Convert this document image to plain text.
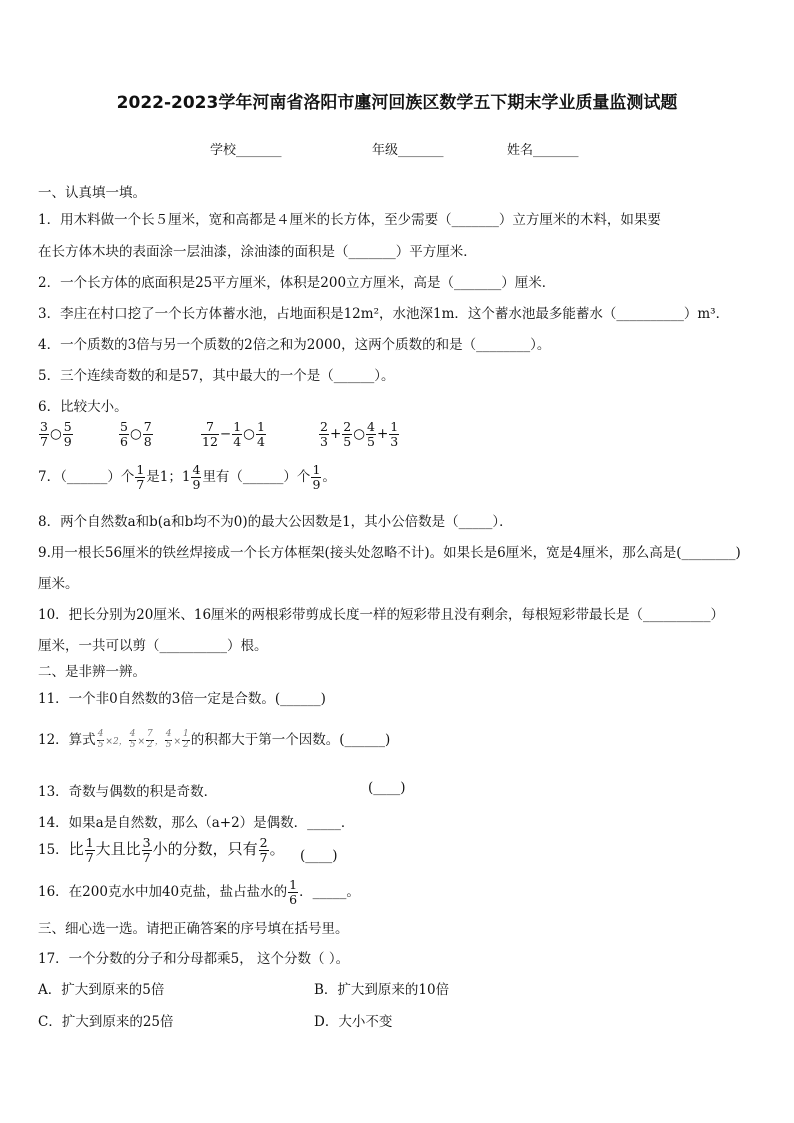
2022-2023学年河南省洛阳市廛河回族区数学五下期末学业质量监测试题
学校_______	年级_______	姓名_______
一、认真填一填。
1．用木料做一个长５厘米，宽和高都是４厘米的长方体，至少需要（_______）立方厘米的木料，如果要
在长方体木块的表面涂一层油漆，涂油漆的面积是（_______）平方厘米．
2．一个长方体的底面积是25平方厘米，体积是200立方厘米，高是（_______）厘米．
3．李庄在村口挖了一个长方体蓄水池，占地面积是12m²，水池深1m．这个蓄水池最多能蓄水（__________）m³．
4．一个质数的3倍与另一个质数的2倍之和为2000，这两个质数的和是（________）。
5．三个连续奇数的和是57，其中最大的一个是（______）。
6．比较大小。
$\frac{3}{7}$ ○ $\frac{5}{9}$	$\frac{5}{6}$ ○ $\frac{7}{8}$	$\frac{7}{12} - \frac{1}{4}$ ○ $\frac{1}{4}$	$\frac{2}{3} + \frac{2}{5}$ ○ $\frac{4}{5} + \frac{1}{3}$
7．（______）个 $\frac{1}{7}$ 是1；$1 \frac{4}{9}$ 里有（______）个 $\frac{1}{9}$ 。
8．两个自然数a和b(a和b均不为0)的最大公因数是1，其小公倍数是（_____）．
9.用一根长56厘米的铁丝焊接成一个长方体框架(接头处忽略不计)。如果长是6厘米，宽是4厘米，那么高是(________)
厘米。
10．把长分别为20厘米、16厘米的两根彩带剪成长度一样的短彩带且没有剩余，每根短彩带最长是（__________）
厘米，一共可以剪（__________）根。
二、是非辨一辨。
11．一个非0自然数的3倍一定是合数。(______)
12．算式 $\frac{4}{5} \times 2$， $\frac{4}{5} \times \frac{7}{2}$ ， $\frac{4}{5} \times \frac{1}{2}$ 的积都大于第一个因数。(______)
13．奇数与偶数的积是奇数．	(____)
14．如果a是自然数，那么（a+2）是偶数．_____．
15．比 $\frac{1}{7}$ 大且比 $\frac{3}{7}$ 小的分数，只有 $\frac{2}{7}$ 。 (____)
16．在200克水中加40克盐，盐占盐水的 $\frac{1}{6}$ ．_____。
三、细心选一选。请把正确答案的序号填在括号里。
17．一个分数的分子和分母都乘5， 这个分数（ ）。
A．扩大到原来的5倍	B．扩大到原来的10倍
C．扩大到原来的25倍	D．大小不变
